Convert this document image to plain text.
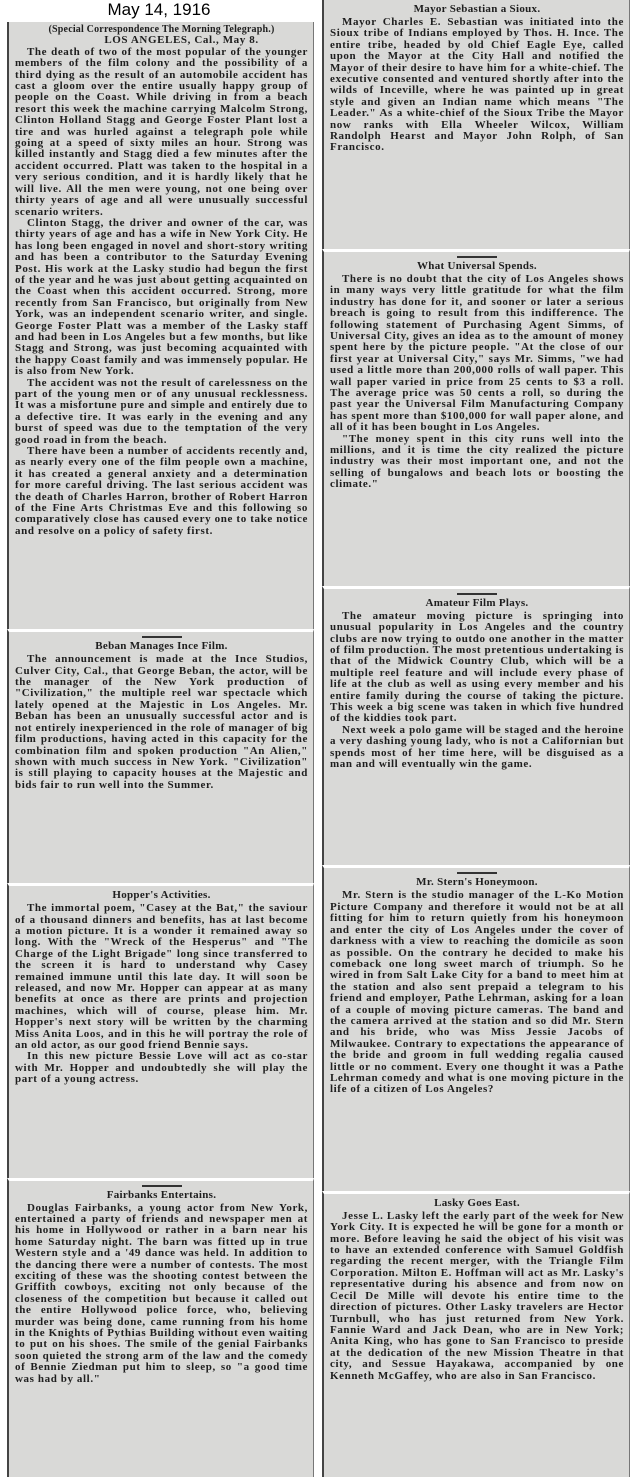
May 14, 1916

(Special Correspondence The Morning Telegraph.)

LOS ANGELES, Cal., May 8.

The death of two of the most popular of the younger members of the film colony and the possibility of a third dying as the result of an automobile accident has cast a gloom over the entire usually happy group of people on the Coast. While driving in from a beach resort this week the machine carrying Malcolm Strong, Clinton Holland Stagg and George Foster Plant lost a tire and was hurled against a telegraph pole while going at a speed of sixty miles an hour. Strong was killed instantly and Stagg died a few minutes after the accident occurred. Platt was taken to the hospital in a very serious condition, and it is hardly likely that he will live. All the men were young, not one being over thirty years of age and all were unusually successful scenario writers.

Clinton Stagg, the driver and owner of the car, was thirty years of age and has a wife in New York City. He has long been engaged in novel and short-story writing and has been a contributor to the Saturday Evening Post. His work at the Lasky studio had begun the first of the year and he was just about getting acquainted on the Coast when this accident occurred. Strong, more recently from San Francisco, but originally from New York, was an independent scenario writer, and single. George Foster Platt was a member of the Lasky staff and had been in Los Angeles but a few months, but like Stagg and Strong, was just becoming acquainted with the happy Coast family and was immensely popular. He is also from New York.

The accident was not the result of carelessness on the part of the young men or of any unusual recklessness. It was a misfortune pure and simple and entirely due to a defective tire. It was early in the evening and any burst of speed was due to the temptation of the very good road in from the beach.

There have been a number of accidents recently and, as nearly every one of the film people own a machine, it has created a general anxiety and a determination for more careful driving. The last serious accident was the death of Charles Harron, brother of Robert Harron of the Fine Arts Christmas Eve and this following so comparatively close has caused every one to take notice and resolve on a policy of safety first.

Beban Manages Ince Film.

The announcement is made at the Ince Studios, Culver City, Cal., that George Beban, the actor, will be the manager of the New York production of "Civilization," the multiple reel war spectacle which lately opened at the Majestic in Los Angeles. Mr. Beban has been an unusually successful actor and is not entirely inexperienced in the role of manager of big film productions, having acted in this capacity for the combination film and spoken production "An Alien," shown with much success in New York. "Civilization" is still playing to capacity houses at the Majestic and bids fair to run well into the Summer.

Hopper's Activities.

The immortal poem, "Casey at the Bat," the saviour of a thousand dinners and benefits, has at last become a motion picture. It is a wonder it remained away so long. With the "Wreck of the Hesperus" and "The Charge of the Light Brigade" long since transferred to the screen it is hard to understand why Casey remained immune until this late day. It will soon be released, and now Mr. Hopper can appear at as many benefits at once as there are prints and projection machines, which will of course, please him. Mr. Hopper's next story will be written by the charming Miss Anita Loos, and in this he will portray the role of an old actor, as our good friend Bennie says.

In this new picture Bessie Love will act as co-star with Mr. Hopper and undoubtedly she will play the part of a young actress.

Fairbanks Entertains.

Douglas Fairbanks, a young actor from New York, entertained a party of friends and newspaper men at his home in Hollywood or rather in a barn near his home Saturday night. The barn was fitted up in true Western style and a '49 dance was held. In addition to the dancing there were a number of contests. The most exciting of these was the shooting contest between the Griffith cowboys, exciting not only because of the closeness of the competition but because it called out the entire Hollywood police force, who, believing murder was being done, came running from his home in the Knights of Pythias Building without even waiting to put on his shoes. The smile of the genial Fairbanks soon quieted the strong arm of the law and the comedy of Bennie Ziedman put him to sleep, so "a good time was had by all."

Mayor Sebastian a Sioux.

Mayor Charles E. Sebastian was initiated into the Sioux tribe of Indians employed by Thos. H. Ince. The entire tribe, headed by old Chief Eagle Eye, called upon the Mayor at the City Hall and notified the Mayor of their desire to have him for a white-chief. The executive consented and ventured shortly after into the wilds of Inceville, where he was painted up in great style and given an Indian name which means "The Leader." As a white-chief of the Sioux Tribe the Mayor now ranks with Ella Wheeler Wilcox, William Randolph Hearst and Mayor John Rolph, of San Francisco.

What Universal Spends.

There is no doubt that the city of Los Angeles shows in many ways very little gratitude for what the film industry has done for it, and sooner or later a serious breach is going to result from this indifference. The following statement of Purchasing Agent Simms, of Universal City, gives an idea as to the amount of money spent here by the picture people. "At the close of our first year at Universal City," says Mr. Simms, "we had used a little more than 200,000 rolls of wall paper. This wall paper varied in price from 25 cents to $3 a roll. The average price was 50 cents a roll, so during the past year the Universal Film Manufacturing Company has spent more than $100,000 for wall paper alone, and all of it has been bought in Los Angeles.

"The money spent in this city runs well into the millions, and it is time the city realized the picture industry was their most important one, and not the selling of bungalows and beach lots or boosting the climate."

Amateur Film Plays.

The amateur moving picture is springing into unusual popularity in Los Angeles and the country clubs are now trying to outdo one another in the matter of film production. The most pretentious undertaking is that of the Midwick Country Club, which will be a multiple reel feature and will include every phase of life at the club as well as using every member and his entire family during the course of taking the picture. This week a big scene was taken in which five hundred of the kiddies took part.

Next week a polo game will be staged and the heroine a very dashing young lady, who is not a Californian but spends most of her time here, will be disguised as a man and will eventually win the game.

Mr. Stern's Honeymoon.

Mr. Stern is the studio manager of the L-Ko Motion Picture Company and therefore it would not be at all fitting for him to return quietly from his honeymoon and enter the city of Los Angeles under the cover of darkness with a view to reaching the domicile as soon as possible. On the contrary he decided to make his comeback one long sweet march of triumph. So he wired in from Salt Lake City for a band to meet him at the station and also sent prepaid a telegram to his friend and employer, Pathe Lehrman, asking for a loan of a couple of moving picture cameras. The band and the camera arrived at the station and so did Mr. Stern and his bride, who was Miss Jessie Jacobs of Milwaukee. Contrary to expectations the appearance of the bride and groom in full wedding regalia caused little or no comment. Every one thought it was a Pathe Lehrman comedy and what is one moving picture in the life of a citizen of Los Angeles?

Lasky Goes East.

Jesse L. Lasky left the early part of the week for New York City. It is expected he will be gone for a month or more. Before leaving he said the object of his visit was to have an extended conference with Samuel Goldfish regarding the recent merger, with the Triangle Film Corporation. Milton E. Hoffman will act as Mr. Lasky's representative during his absence and from now on Cecil De Mille will devote his entire time to the direction of pictures. Other Lasky travelers are Hector Turnbull, who has just returned from New York. Fannie Ward and Jack Dean, who are in New York; Anita King, who has gone to San Francisco to preside at the dedication of the new Mission Theatre in that city, and Sessue Hayakawa, accompanied by one Kenneth McGaffey, who are also in San Francisco.
